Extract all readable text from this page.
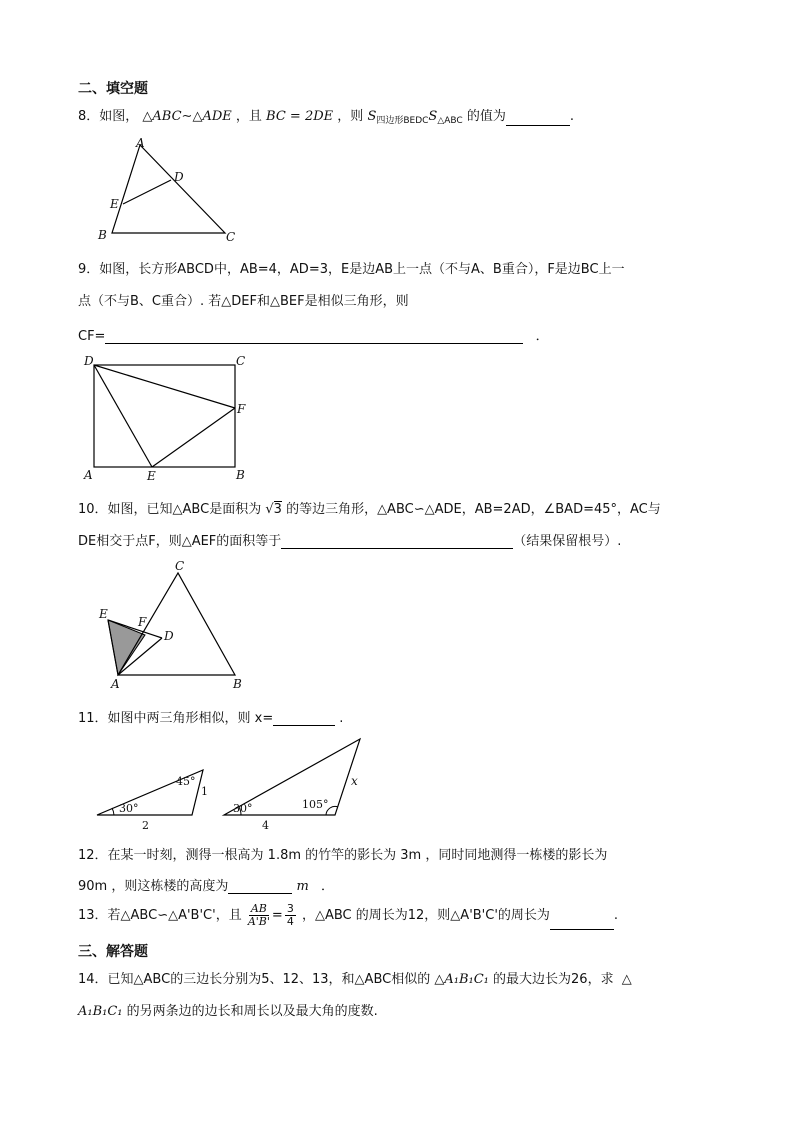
二、填空题
8．如图， △ABC∼△ADE ，且 BC = 2DE ，则 $S_{四边形BEDC}S_{\triangle ABC}$ 的值为	.
A
B	C
D
E
9．如图，长方形ABCD中，AB=4，AD=3，E是边AB上一点（不与A、B重合），F是边BC上一
点（不与B、C重合）. 若△DEF和△BEF是相似三角形，则
CF=	．
D	C
A	B
E
F
10．如图，已知△ABC是面积为 √3 的等边三角形，△ABC∽△ADE，AB=2AD，∠BAD=45°，AC与
DE相交于点F，则△AEF的面积等于	（结果保留根号）.
C
E
F
D
A	B
11．如图中两三角形相似，则 x=	.
30°
45°
1
2
30°	105°
x
4
12．在某一时刻，测得一根高为 1.8m 的竹竿的影长为 3m ，同时同地测得一栋楼的影长为
90m ，则这栋楼的高度为	m ．
13．若△ABC∽△A'B'C'，且 $\frac{AB}{A'B'} = \frac{3}{4}$ ，△ABC 的周长为12，则△A'B'C'的周长为	.
三、解答题
14．已知△ABC的三边长分别为5、12、13，和△ABC相似的 △A₁B₁C₁ 的最大边长为26，求 △
A₁B₁C₁ 的另两条边的边长和周长以及最大角的度数.
